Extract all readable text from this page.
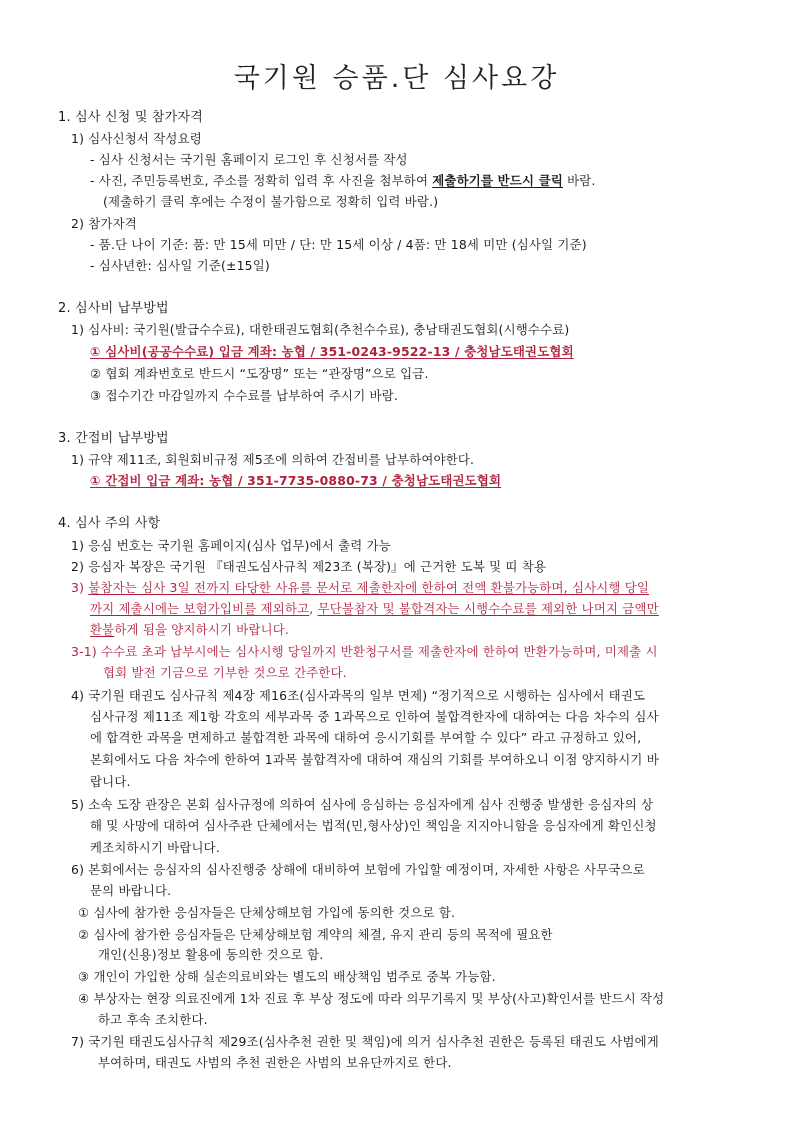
국기원 승품.단 심사요강
1. 심사 신청 및 참가자격
1) 심사신청서 작성요령
- 심사 신청서는 국기원 홈페이지 로그인 후 신청서를 작성
- 사진, 주민등록번호, 주소를 정확히 입력 후 사진을 첨부하여 제출하기를 반드시 클릭 바람.
(제출하기 클릭 후에는 수정이 불가함으로 정확히 입력 바람.)
2) 참가자격
- 품.단 나이 기준: 품: 만 15세 미만 / 단: 만 15세 이상 / 4품: 만 18세 미만 (심사일 기준)
- 심사년한: 심사일 기준(±15일)
2. 심사비 납부방법
1) 심사비: 국기원(발급수수료), 대한태권도협회(추천수수료), 충남태권도협회(시행수수료)
① 심사비(공공수수료) 입금 계좌: 농협 / 351-0243-9522-13 / 충청남도태권도협회
② 협회 계좌번호로 반드시 “도장명” 또는 “관장명”으로 입금.
③ 접수기간 마감일까지 수수료를 납부하여 주시기 바람.
3. 간접비 납부방법
1) 규약 제11조, 회원회비규정 제5조에 의하여 간접비를 납부하여야한다.
① 간접비 입금 계좌: 농협 / 351-7735-0880-73 / 충청남도태권도협회
4. 심사 주의 사항
1) 응심 번호는 국기원 홈페이지(심사 업무)에서 출력 가능
2) 응심자 복장은 국기원 『태권도심사규칙 제23조 (복장)』에 근거한 도복 및 띠 착용
3) 불참자는 심사 3일 전까지 타당한 사유를 문서로 제출한자에 한하여 전액 환불가능하며, 심사시행 당일
까지 제출시에는 보험가입비를 제외하고, 무단불참자 및 불합격자는 시행수수료를 제외한 나머지 금액만
환불하게 됨을 양지하시기 바랍니다.
3-1) 수수료 초과 납부시에는 심사시행 당일까지 반환청구서를 제출한자에 한하여 반환가능하며, 미제출 시
협회 발전 기금으로 기부한 것으로 간주한다.
4) 국기원 태권도 심사규칙 제4장 제16조(심사과목의 일부 면제) “정기적으로 시행하는 심사에서 태권도
심사규정 제11조 제1항 각호의 세부과목 중 1과목으로 인하여 불합격한자에 대하여는 다음 차수의 심사
에 합격한 과목을 면제하고 불합격한 과목에 대하여 응시기회를 부여할 수 있다” 라고 규정하고 있어,
본회에서도 다음 차수에 한하여 1과목 불합격자에 대하여 재심의 기회를 부여하오니 이점 양지하시기 바
랍니다.
5) 소속 도장 관장은 본회 심사규정에 의하여 심사에 응심하는 응심자에게 심사 진행중 발생한 응심자의 상
해 및 사망에 대하여 심사주관 단체에서는 법적(민,형사상)인 책임을 지지아니함을 응심자에게 확인신청
케조치하시기 바랍니다.
6) 본회에서는 응심자의 심사진행중 상해에 대비하여 보험에 가입할 예정이며, 자세한 사항은 사무국으로
문의 바랍니다.
① 심사에 참가한 응심자들은 단체상해보험 가입에 동의한 것으로 함.
② 심사에 참가한 응심자들은 단체상해보험 계약의 체결, 유지 관리 등의 목적에 필요한
개인(신용)정보 활용에 동의한 것으로 함.
③ 개인이 가입한 상해 실손의료비와는 별도의 배상책임 범주로 중복 가능함.
④ 부상자는 현장 의료진에게 1차 진료 후 부상 정도에 따라 의무기록지 및 부상(사고)확인서를 반드시 작성
하고 후속 조치한다.
7) 국기원 태권도심사규칙 제29조(심사추천 권한 및 책임)에 의거 심사추천 권한은 등록된 태권도 사범에게
부여하며, 태권도 사범의 추천 권한은 사범의 보유단까지로 한다.
